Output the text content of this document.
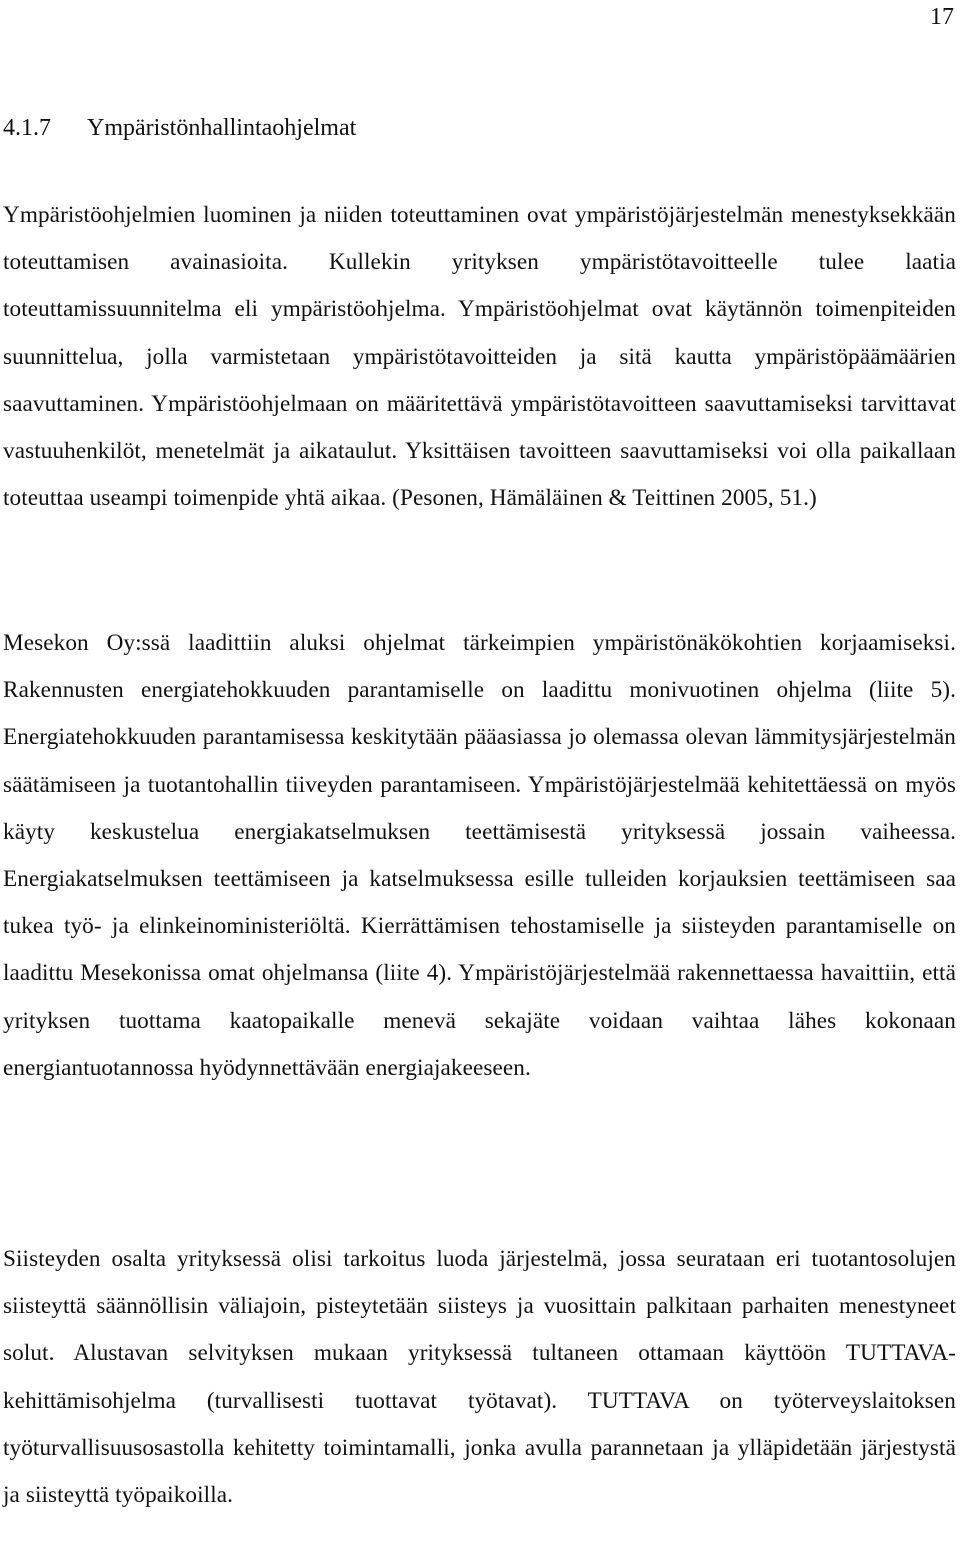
17
4.1.7 Ympäristönhallintaohjelmat

Ympäristöohjelmien luominen ja niiden toteuttaminen ovat ympäristöjärjestelmän menestyksekkään toteuttamisen avainasioita. Kullekin yrityksen ympäristötavoitteelle tulee laatia toteuttamissuunnitelma eli ympäristöohjelma. Ympäristöohjelmat ovat käytännön toimenpiteiden suunnittelua, jolla varmistetaan ympäristötavoitteiden ja sitä kautta ympäristöpäämäärien saavuttaminen. Ympäristöohjelmaan on määritettävä ympäristötavoitteen saavuttamiseksi tarvittavat vastuuhenkilöt, menetelmät ja aikataulut. Yksittäisen tavoitteen saavuttamiseksi voi olla paikallaan toteuttaa useampi toimenpide yhtä aikaa. (Pesonen, Hämäläinen & Teittinen 2005, 51.)

Mesekon Oy:ssä laadittiin aluksi ohjelmat tärkeimpien ympäristönäkökohtien korjaamiseksi. Rakennusten energiatehokkuuden parantamiselle on laadittu monivuotinen ohjelma (liite 5). Energiatehokkuuden parantamisessa keskitytään pääasiassa jo olemassa olevan lämmitysjärjestelmän säätämiseen ja tuotantohallin tiiveyden parantamiseen. Ympäristöjärjestelmää kehitettäessä on myös käyty keskustelua energiakatselmuksen teettämisestä yrityksessä jossain vaiheessa. Energiakatselmuksen teettämiseen ja katselmuksessa esille tulleiden korjauksien teettämiseen saa tukea työ- ja elinkeinoministeriöltä. Kierrättämisen tehostamiselle ja siisteyden parantamiselle on laadittu Mesekonissa omat ohjelmansa (liite 4). Ympäristöjärjestelmää rakennettaessa havaittiin, että yrityksen tuottama kaatopaikalle menevä sekajäte voidaan vaihtaa lähes kokonaan energiantuotannossa hyödynnettävään energiajakeeseen.

Siisteyden osalta yrityksessä olisi tarkoitus luoda järjestelmä, jossa seurataan eri tuotantosolujen siisteyttä säännöllisin väliajoin, pisteytetään siisteys ja vuosittain palkitaan parhaiten menestyneet solut. Alustavan selvityksen mukaan yrityksessä tultaneen ottamaan käyttöön TUTTAVA-kehittämisohjelma (turvallisesti tuottavat työtavat). TUTTAVA on työterveyslaitoksen työturvallisuusosastolla kehitetty toimintamalli, jonka avulla parannetaan ja ylläpidetään järjestystä ja siisteyttä työpaikoilla.
